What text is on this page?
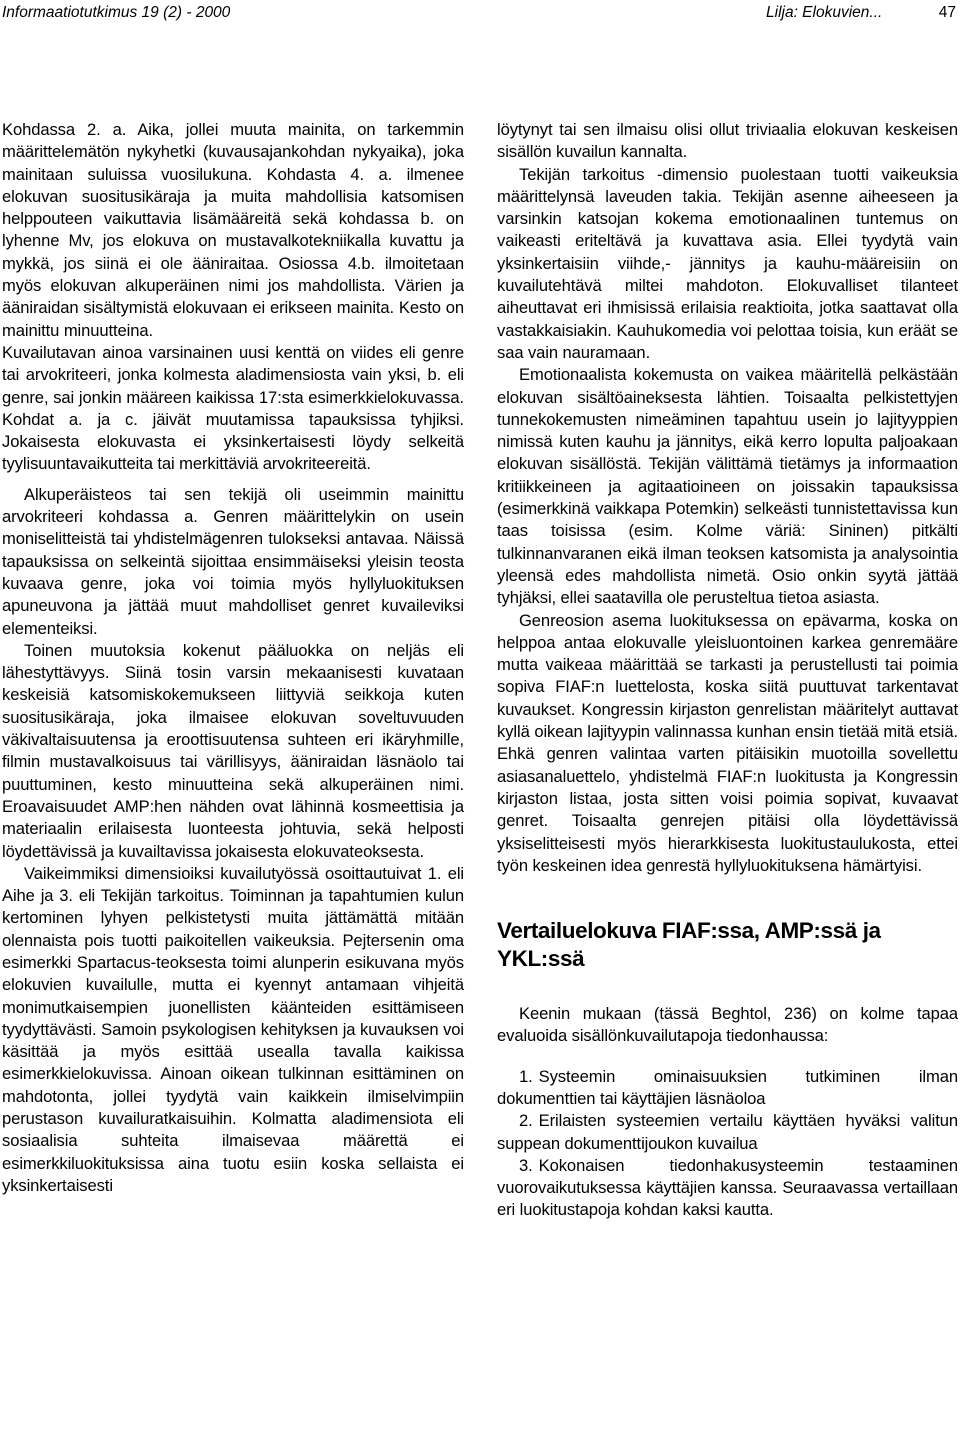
Informaatiotutkimus 19 (2) - 2000	Lilja: Elokuvien...	47

Kohdassa 2. a. Aika, jollei muuta mainita, on tarkemmin määrittelemätön nykyhetki (kuvausajankohdan nykyaika), joka mainitaan suluissa vuosilukuna. Kohdasta 4. a. ilmenee elokuvan suositusikäraja ja muita mahdollisia katsomisen helppouteen vaikuttavia lisämääreitä sekä kohdassa b. on lyhenne Mv, jos elokuva on mustavalkotekniikalla kuvattu ja mykkä, jos siinä ei ole ääniraitaa. Osiossa 4.b. ilmoitetaan myös elokuvan alkuperäinen nimi jos mahdollista. Värien ja ääniraidan sisältymistä elokuvaan ei erikseen mainita. Kesto on mainittu minuutteina.

Kuvailutavan ainoa varsinainen uusi kenttä on viides eli genre tai arvokriteeri, jonka kolmesta aladimensiosta vain yksi, b. eli genre, sai jonkin määreen kaikissa 17:sta esimerkkielokuvassa. Kohdat a. ja c. jäivät muutamissa tapauksissa tyhjiksi. Jokaisesta elokuvasta ei yksinkertaisesti löydy selkeitä tyylisuuntavaikutteita tai merkittäviä arvokriteereitä.

Alkuperäisteos tai sen tekijä oli useimmin mainittu arvokriteeri kohdassa a. Genren määrittelykin on usein moniselitteistä tai yhdistelmägenren tulokseksi antavaa. Näissä tapauksissa on selkeintä sijoittaa ensimmäiseksi yleisin teosta kuvaava genre, joka voi toimia myös hyllyluokituksen apuneuvona ja jättää muut mahdolliset genret kuvaileviksi elementeiksi.

Toinen muutoksia kokenut pääluokka on neljäs eli lähestyttävyys. Siinä tosin varsin mekaanisesti kuvataan keskeisiä katsomiskokemukseen liittyviä seikkoja kuten suositusikäraja, joka ilmaisee elokuvan soveltuvuuden väkivaltaisuutensa ja eroottisuutensa suhteen eri ikäryhmille, filmin mustavalkoisuus tai värillisyys, ääniraidan läsnäolo tai puuttuminen, kesto minuutteina sekä alkuperäinen nimi. Eroavaisuudet AMP:hen nähden ovat lähinnä kosmeettisia ja materiaalin erilaisesta luonteesta johtuvia, sekä helposti löydettävissä ja kuvailtavissa jokaisesta elokuvateoksesta.

Vaikeimmiksi dimensioiksi kuvailutyössä osoittautuivat 1. eli Aihe ja 3. eli Tekijän tarkoitus. Toiminnan ja tapahtumien kulun kertominen lyhyen pelkistetysti muita jättämättä mitään olennaista pois tuotti paikoitellen vaikeuksia. Pejtersenin oma esimerkki Spartacus-teoksesta toimi alunperin esikuvana myös elokuvien kuvailulle, mutta ei kyennyt antamaan vihjeitä monimutkaisempien juonellisten käänteiden esittämiseen tyydyttävästi. Samoin psykologisen kehityksen ja kuvauksen voi käsittää ja myös esittää usealla tavalla kaikissa esimerkkielokuvissa. Ainoan oikean tulkinnan esittäminen on mahdotonta, jollei tyydytä vain kaikkein ilmiselvimpiin perustason kuvailuratkaisuihin. Kolmatta aladimensiota eli sosiaalisia suhteita ilmaisevaa määrettä ei esimerkkiluokituksissa aina tuotu esiin koska sellaista ei yksinkertaisesti

löytynyt tai sen ilmaisu olisi ollut triviaalia elokuvan keskeisen sisällön kuvailun kannalta.

Tekijän tarkoitus -dimensio puolestaan tuotti vaikeuksia määrittelynsä laveuden takia. Tekijän asenne aiheeseen ja varsinkin katsojan kokema emotionaalinen tuntemus on vaikeasti eriteltävä ja kuvattava asia. Ellei tyydytä vain yksinkertaisiin viihde,- jännitys ja kauhu-määreisiin on kuvailutehtävä miltei mahdoton. Elokuvalliset tilanteet aiheuttavat eri ihmisissä erilaisia reaktioita, jotka saattavat olla vastakkaisiakin. Kauhukomedia voi pelottaa toisia, kun eräät se saa vain nauramaan.

Emotionaalista kokemusta on vaikea määritellä pelkästään elokuvan sisältöaineksesta lähtien. Toisaalta pelkistettyjen tunnekokemusten nimeäminen tapahtuu usein jo lajityyppien nimissä kuten kauhu ja jännitys, eikä kerro lopulta paljoakaan elokuvan sisällöstä. Tekijän välittämä tietämys ja informaation kritiikkeineen ja agitaatioineen on joissakin tapauksissa (esimerkkinä vaikkapa Potemkin) selkeästi tunnistettavissa kun taas toisissa (esim. Kolme väriä: Sininen) pitkälti tulkinnanvaranen eikä ilman teoksen katsomista ja analysointia yleensä edes mahdollista nimetä. Osio onkin syytä jättää tyhjäksi, ellei saatavilla ole perusteltua tietoa asiasta.

Genreosion asema luokituksessa on epävarma, koska on helppoa antaa elokuvalle yleisluontoinen karkea genremääre mutta vaikeaa määrittää se tarkasti ja perustellusti tai poimia sopiva FIAF:n luettelosta, koska siitä puuttuvat tarkentavat kuvaukset. Kongressin kirjaston genrelistan määritelyt auttavat kyllä oikean lajityypin valinnassa kunhan ensin tietää mitä etsiä. Ehkä genren valintaa varten pitäisikin muotoilla sovellettu asiasanaluettelo, yhdistelmä FIAF:n luokitusta ja Kongressin kirjaston listaa, josta sitten voisi poimia sopivat, kuvaavat genret. Toisaalta genrejen pitäisi olla löydettävissä yksiselitteisesti myös hierarkkisesta luokitustaulukosta, ettei työn keskeinen idea genrestä hyllyluokituksena hämärtyisi.

Vertailuelokuva FIAF:ssa, AMP:ssä ja YKL:ssä

Keenin mukaan (tässä Beghtol, 236) on kolme tapaa evaluoida sisällönkuvailutapoja tiedonhaussa:

1. Systeemin ominaisuuksien tutkiminen ilman dokumenttien tai käyttäjien läsnäoloa
2. Erilaisten systeemien vertailu käyttäen hyväksi valitun suppean dokumenttijoukon kuvailua
3. Kokonaisen tiedonhakusysteemin testaaminen vuorovaikutuksessa käyttäjien kanssa. Seuraavassa vertaillaan eri luokitustapoja kohdan kaksi kautta.
